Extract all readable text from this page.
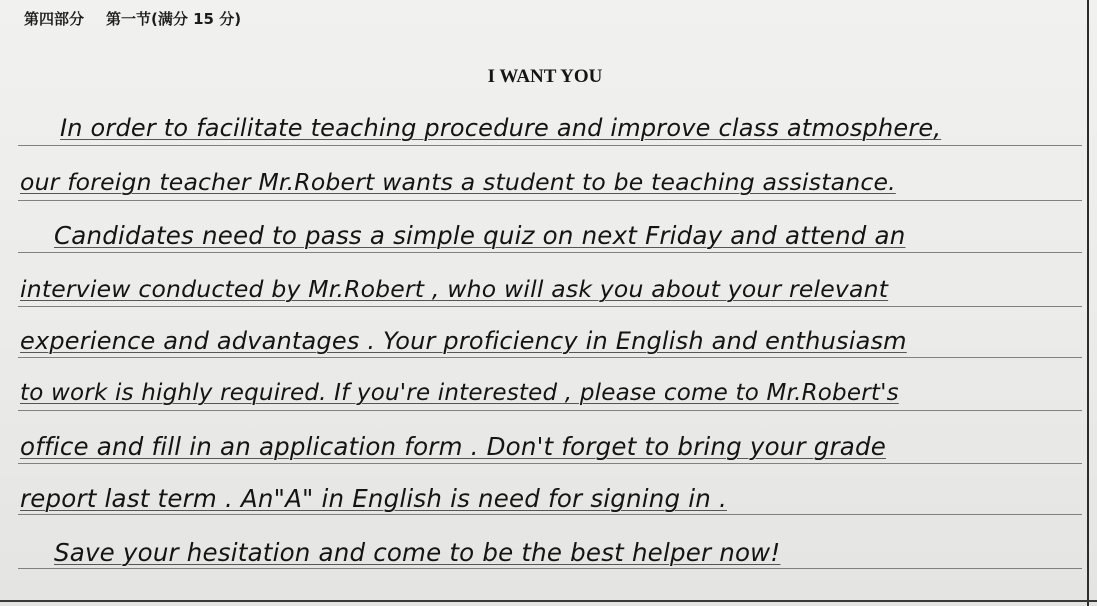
第四部分 第一节(满分 15 分)
I WANT YOU
In order to facilitate teaching procedure and improve class atmosphere,
our foreign teacher Mr.Robert wants a student to be teaching assistance.
Candidates need to pass a simple quiz on next Friday and attend an
interview conducted by Mr.Robert , who will ask you about your relevant
experience and advantages . Your proficiency in English and enthusiasm
to work is highly required. If you're interested , please come to Mr.Robert's
office and fill in an application form . Don't forget to bring your grade
report last term . An"A" in English is need for signing in .
Save your hesitation and come to be the best helper now!
